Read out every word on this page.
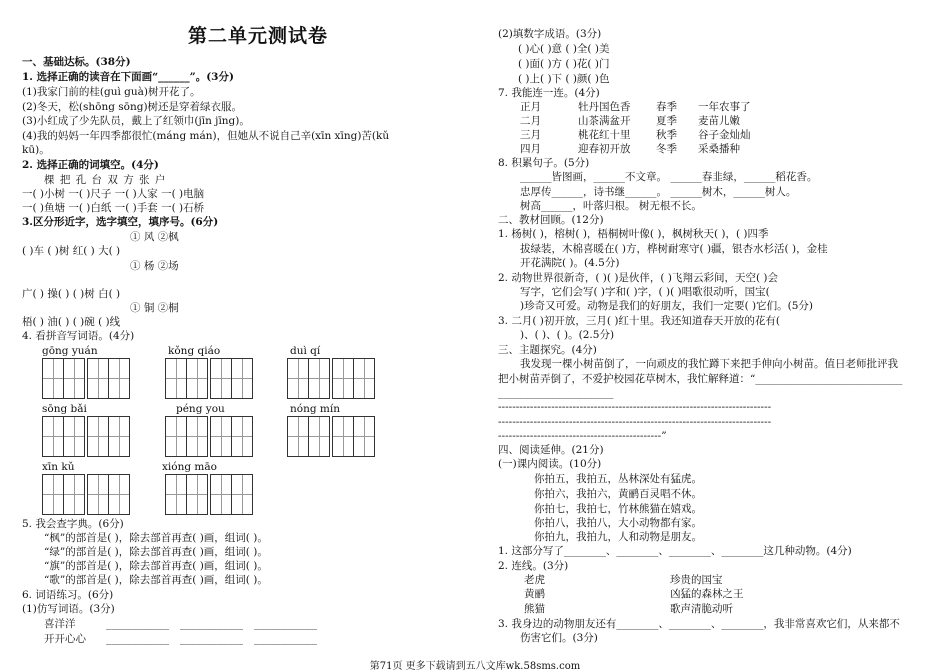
第二单元测试卷
一、基础达标。(38分)
1. 选择正确的读音在下面画“______”。(3分)
(1)我家门前的桂(guì guà)树开花了。
(2)冬天，松(shōng sōng)树还是穿着绿衣服。
(3)小红成了少先队员，戴上了红领巾(jīn jīng)。
(4)我的妈妈一年四季都很忙(máng mán)，但她从不说自己辛(xīn xīng)苦(kǔ
kū)。
2. 选择正确的词填空。(4分)
棵 把 孔 台 双 方 张 户
一( )小树 一( )尺子 一( )人家 一( )电脑
一( )鱼塘 一( )白纸 一( )手套 一( )石桥
3.区分形近字，选字填空，填序号。(6分)
① 风 ②枫
( )车 ( )树 红( ) 大( )
① 杨 ②场
广( ) 操( ) ( )树 白( )
① 铜 ②桐
梧( ) 油( ) ( )碗 ( )线
4. 看拼音写词语。(4分)
gōng yuán	kǒng qiáo	duì qí
sōng bǎi	péng you	nóng mín
xīn kǔ	xióng māo
5. 我会查字典。(6分)
“枫”的部首是( )，除去部首再查( )画，组词( )。
“绿”的部首是( )，除去部首再查( )画，组词( )。
“旗”的部首是( )，除去部首再查( )画，组词( )。
“歌”的部首是( )，除去部首再查( )画，组词( )。
6. 词语练习。(6分)
(1)仿写词语。(3分)
喜洋洋
开开心心
____________ ____________ ____________
____________ ____________ ____________
(2)填数字成语。(3分)
( )心( )意 ( )全( )美
( )面( )方 ( )花( )门
( )上( )下 ( )颜( )色
7. 我能连一连。(4分)
正月	牡丹国色香 春季 一年农事了
二月	山茶满盆开 夏季 麦苗儿嫩
三月	桃花红十里 秋季 谷子金灿灿
四月	迎春初开放 冬季 采桑播种
8. 积累句子。(5分)
______皆图画，______不文章。 ______春韭绿，______稻花香。
忠厚传______，诗书继______。 ______树木，______树人。
树高______，叶落归根。 树无根不长。
二、教材回顾。(12分)
1. 杨树( )，榕树( )，梧桐树叶像( )，枫树秋天( )，( )四季
拔绿装，木棉喜暖在( )方，桦树耐寒守( )疆，银杏水杉活( )，金桂
开花满院( )。(4.5分)
2. 动物世界很新奇，( )( )是伙伴，( )飞翔云彩间，天空( )会
写字，它们会写( )字和( )字，( )( )唱歌很动听，国宝(
)珍奇又可爱。动物是我们的好朋友，我们一定要( )它们。(5分)
3. 二月( )初开放，三月( )红十里。我还知道春天开放的花有(
)、( )、( )。(2.5分)
三、主题探究。(4分)
我发现一棵小树苗倒了，一向顽皮的我忙蹲下来把手伸向小树苗。值日老师批评我
把小树苗弄倒了，不爱护校园花草树木，我忙解释道：“____________________________
______________________
-----------------------------------------------------------------------------
-----------------------------------------------------------------------------
----------------------------------------------”
四、阅读延伸。(21分)
(一)课内阅读。(10分)
你拍五，我拍五，丛林深处有猛虎。
你拍六，我拍六，黄鹂百灵唱不休。
你拍七，我拍七，竹林熊猫在嬉戏。
你拍八，我拍八，大小动物都有家。
你拍九，我拍九，人和动物是朋友。
1. 这部分写了________、________、________、________这几种动物。(4分)
2. 连线。(3分)
老虎	珍贵的国宝
黄鹂	凶猛的森林之王
熊猫	歌声清脆动听
3. 我身边的动物朋友还有________、________、________，我非常喜欢它们，从来都不
伤害它们。(3分)
第71页 更多下载请到五八文库wk.58sms.com
